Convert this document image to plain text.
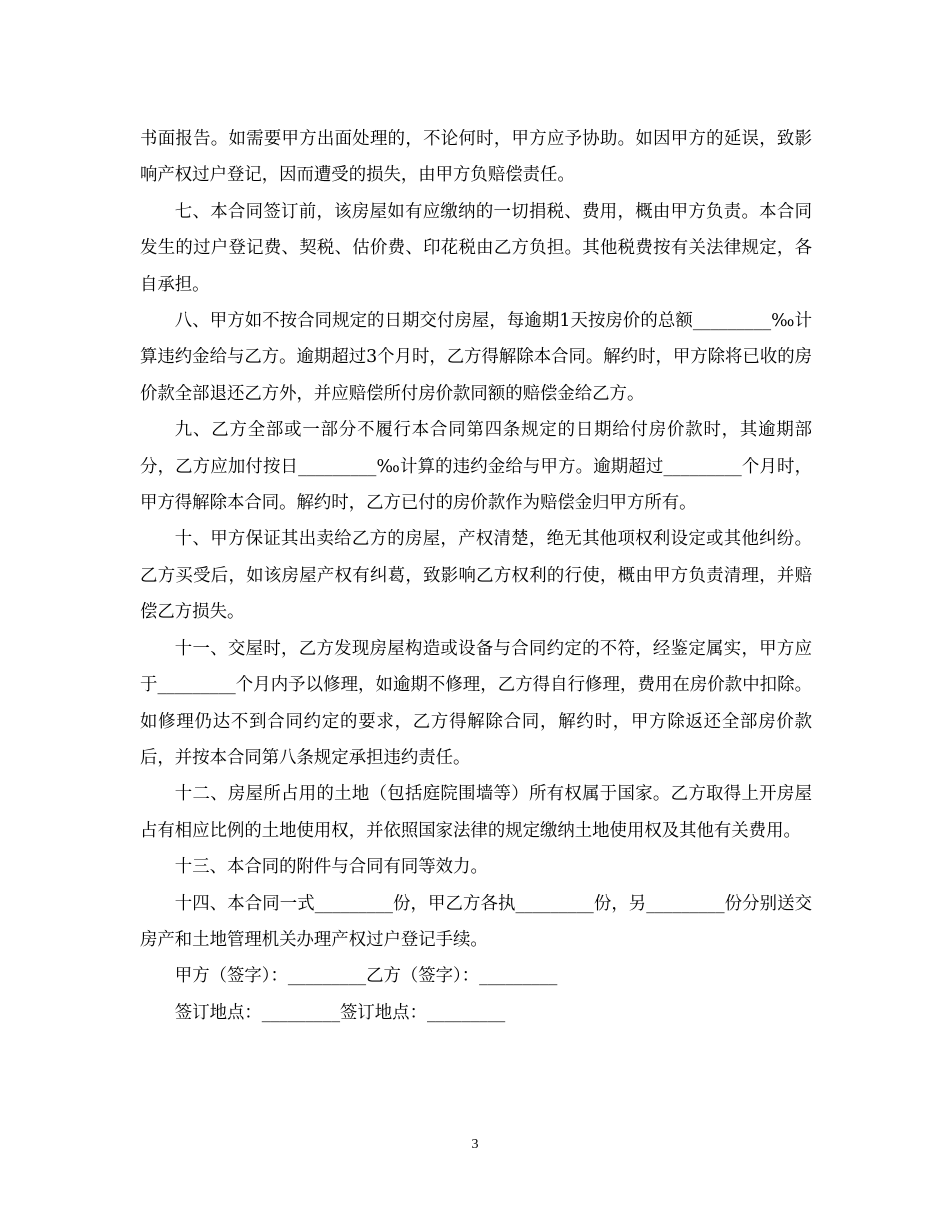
书面报告。如需要甲方出面处理的，不论何时，甲方应予协助。如因甲方的延误，致影响产权过户登记，因而遭受的损失，由甲方负赔偿责任。

七、本合同签订前，该房屋如有应缴纳的一切捐税、费用，概由甲方负责。本合同发生的过户登记费、契税、估价费、印花税由乙方负担。其他税费按有关法律规定，各自承担。

八、甲方如不按合同规定的日期交付房屋，每逾期1天按房价的总额_________‰计算违约金给与乙方。逾期超过3个月时，乙方得解除本合同。解约时，甲方除将已收的房价款全部退还乙方外，并应赔偿所付房价款同额的赔偿金给乙方。

九、乙方全部或一部分不履行本合同第四条规定的日期给付房价款时，其逾期部分，乙方应加付按日_________‰计算的违约金给与甲方。逾期超过_________个月时，甲方得解除本合同。解约时，乙方已付的房价款作为赔偿金归甲方所有。

十、甲方保证其出卖给乙方的房屋，产权清楚，绝无其他项权利设定或其他纠纷。乙方买受后，如该房屋产权有纠葛，致影响乙方权利的行使，概由甲方负责清理，并赔偿乙方损失。

十一、交屋时，乙方发现房屋构造或设备与合同约定的不符，经鉴定属实，甲方应于_________个月内予以修理，如逾期不修理，乙方得自行修理，费用在房价款中扣除。如修理仍达不到合同约定的要求，乙方得解除合同，解约时，甲方除返还全部房价款后，并按本合同第八条规定承担违约责任。

十二、房屋所占用的土地（包括庭院围墙等）所有权属于国家。乙方取得上开房屋占有相应比例的土地使用权，并依照国家法律的规定缴纳土地使用权及其他有关费用。

十三、本合同的附件与合同有同等效力。

十四、本合同一式_________份，甲乙方各执_________份，另_________份分别送交房产和土地管理机关办理产权过户登记手续。

甲方（签字）：_________乙方（签字）：_________

签订地点：_________签订地点：_________

3
